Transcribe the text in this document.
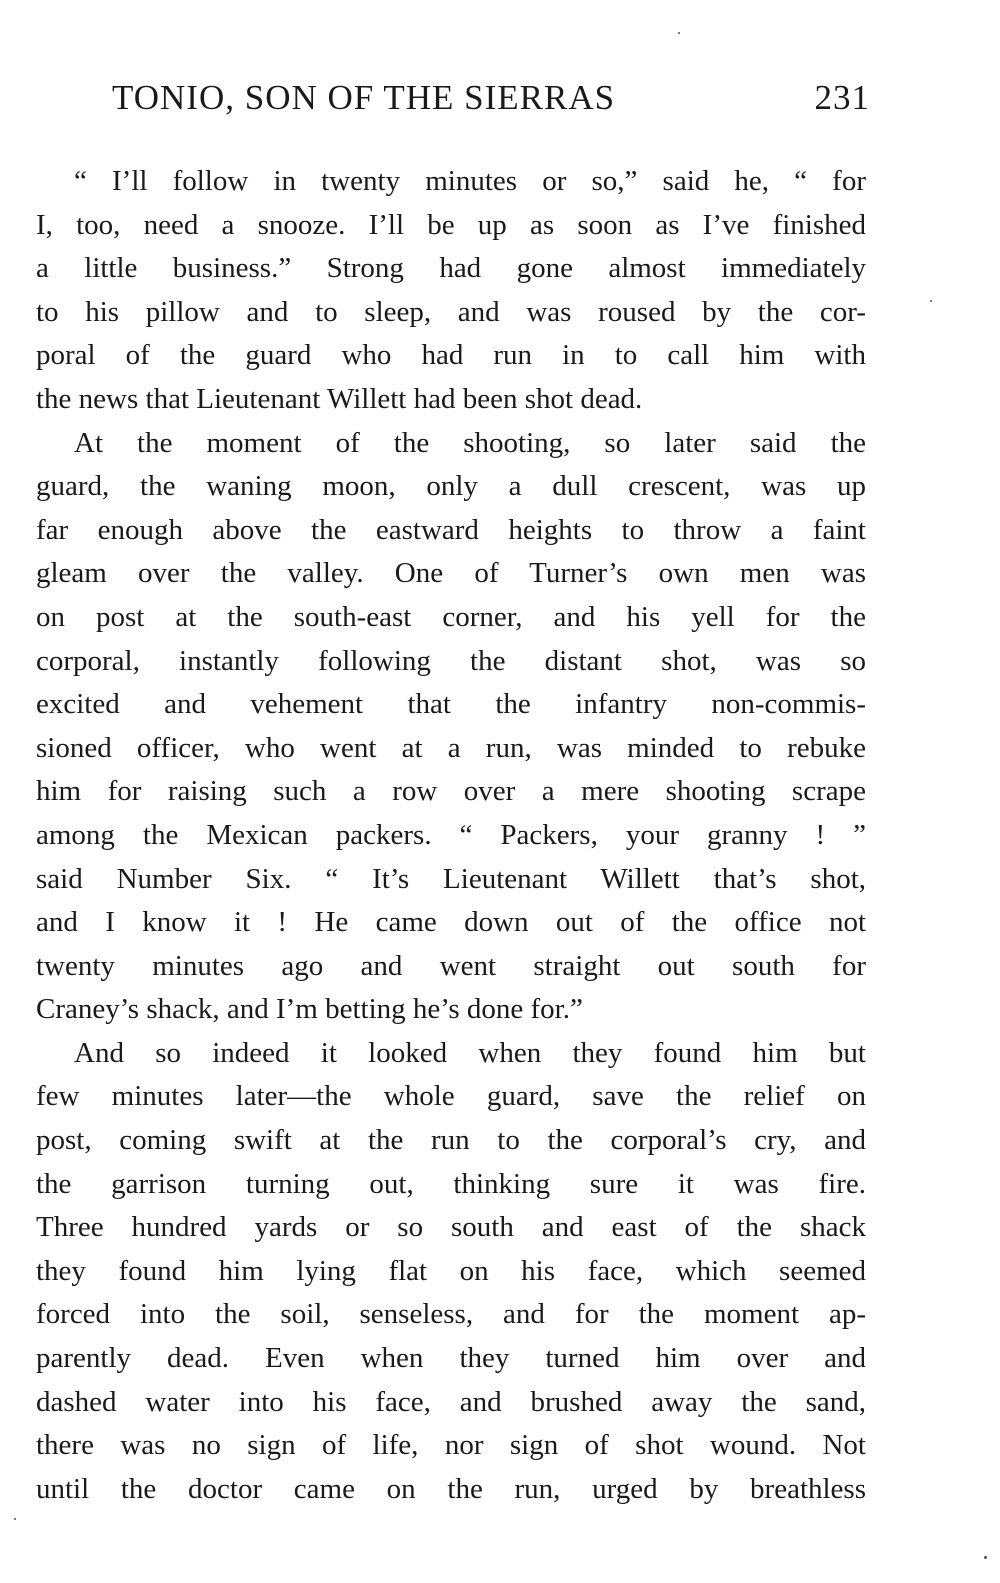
TONIO, SON OF THE SIERRAS	231
“ I’ll follow in twenty minutes or so,” said he, “ for
I, too, need a snooze. I’ll be up as soon as I’ve finished
a little business.” Strong had gone almost immediately
to his pillow and to sleep, and was roused by the cor-
poral of the guard who had run in to call him with
the news that Lieutenant Willett had been shot dead.
At the moment of the shooting, so later said the
guard, the waning moon, only a dull crescent, was up
far enough above the eastward heights to throw a faint
gleam over the valley. One of Turner’s own men was
on post at the south-east corner, and his yell for the
corporal, instantly following the distant shot, was so
excited and vehement that the infantry non-commis-
sioned officer, who went at a run, was minded to rebuke
him for raising such a row over a mere shooting scrape
among the Mexican packers. “ Packers, your granny ! ”
said Number Six. “ It’s Lieutenant Willett that’s shot,
and I know it ! He came down out of the office not
twenty minutes ago and went straight out south for
Craney’s shack, and I’m betting he’s done for.”
And so indeed it looked when they found him but
few minutes later—the whole guard, save the relief on
post, coming swift at the run to the corporal’s cry, and
the garrison turning out, thinking sure it was fire.
Three hundred yards or so south and east of the shack
they found him lying flat on his face, which seemed
forced into the soil, senseless, and for the moment ap-
parently dead. Even when they turned him over and
dashed water into his face, and brushed away the sand,
there was no sign of life, nor sign of shot wound. Not
until the doctor came on the run, urged by breathless
